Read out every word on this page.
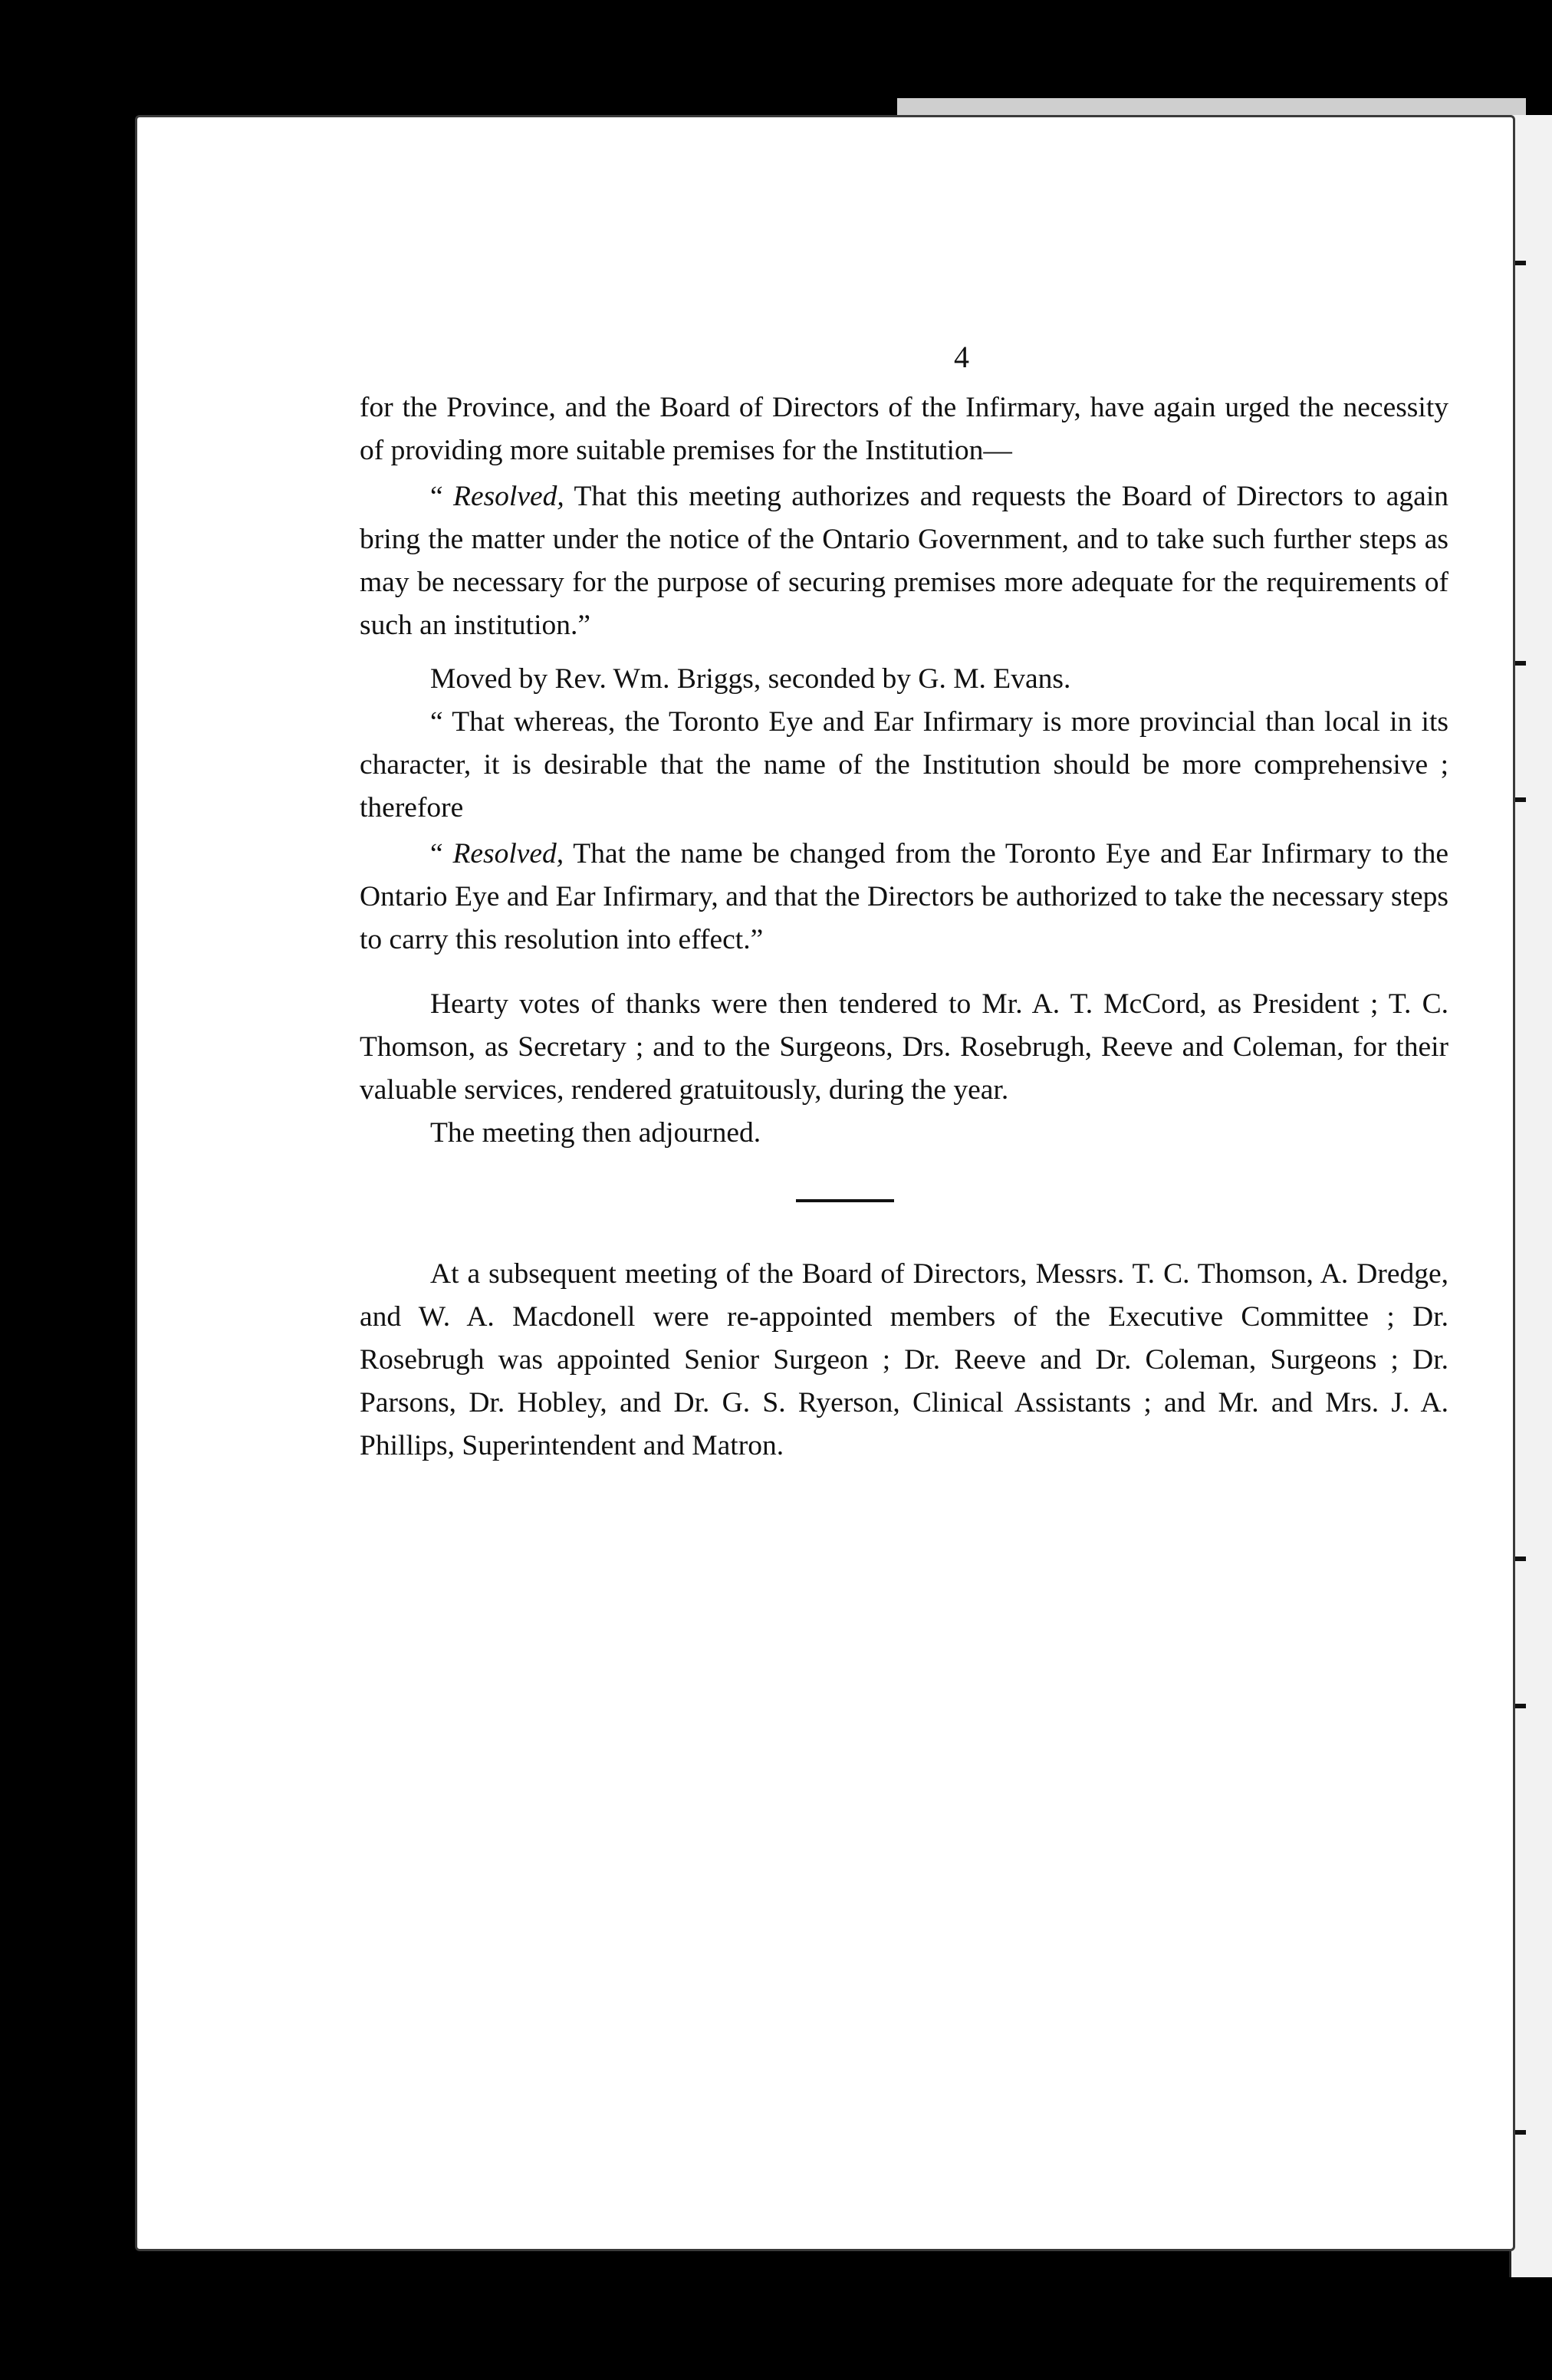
4

for the Province, and the Board of Directors of the Infirmary, have again urged the necessity of providing more suitable premises for the Institution—

“ Resolved, That this meeting authorizes and requests the Board of Directors to again bring the matter under the notice of the Ontario Government, and to take such further steps as may be necessary for the purpose of securing premises more adequate for the requirements of such an institution.”

Moved by Rev. Wm. Briggs, seconded by G. M. Evans.

“ That whereas, the Toronto Eye and Ear Infirmary is more provincial than local in its character, it is desirable that the name of the Institution should be more comprehensive ; therefore

“ Resolved, That the name be changed from the Toronto Eye and Ear Infirmary to the Ontario Eye and Ear Infirmary, and that the Directors be authorized to take the necessary steps to carry this resolution into effect.”

Hearty votes of thanks were then tendered to Mr. A. T. McCord, as President ; T. C. Thomson, as Secretary ; and to the Surgeons, Drs. Rosebrugh, Reeve and Coleman, for their valuable services, rendered gratuitously, during the year.

The meeting then adjourned.

At a subsequent meeting of the Board of Directors, Messrs. T. C. Thomson, A. Dredge, and W. A. Macdonell were re-appointed members of the Executive Committee ; Dr. Rosebrugh was appointed Senior Surgeon ; Dr. Reeve and Dr. Coleman, Surgeons ; Dr. Parsons, Dr. Hobley, and Dr. G. S. Ryerson, Clinical Assistants ; and Mr. and Mrs. J. A. Phillips, Superintendent and Matron.
